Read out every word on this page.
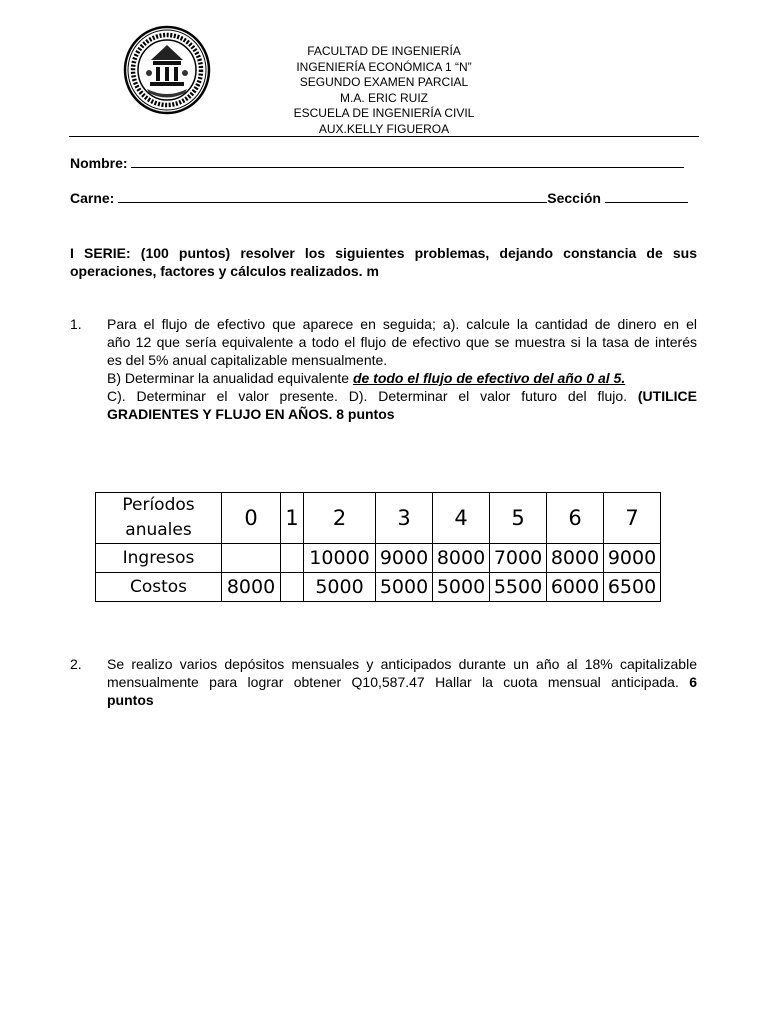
FACULTAD DE INGENIERÍA
INGENIERÍA ECONÓMICA 1 “N”
SEGUNDO EXAMEN PARCIAL
M.A. ERIC RUIZ
ESCUELA DE INGENIERÍA CIVIL
AUX.KELLY FIGUEROA
Nombre:
Carne:	Sección
I SERIE: (100 puntos) resolver los siguientes problemas, dejando constancia de sus
operaciones, factores y cálculos realizados. m
1. Para el flujo de efectivo que aparece en seguida; a). calcule la cantidad de dinero en el
año 12 que sería equivalente a todo el flujo de efectivo que se muestra si la tasa de interés
es del 5% anual capitalizable mensualmente.
B) Determinar la anualidad equivalente de todo el flujo de efectivo del año 0 al 5.
C). Determinar el valor presente. D). Determinar el valor futuro del flujo. (UTILICE
GRADIENTES Y FLUJO EN AÑOS. 8 puntos
Períodos
anuales	0	1	2	3	4	5	6	7
Ingresos			10000	9000	8000	7000	8000	9000
Costos	8000		5000	5000	5000	5500	6000	6500
2. Se realizo varios depósitos mensuales y anticipados durante un año al 18% capitalizable
mensualmente para lograr obtener Q10,587.47 Hallar la cuota mensual anticipada. 6
puntos
